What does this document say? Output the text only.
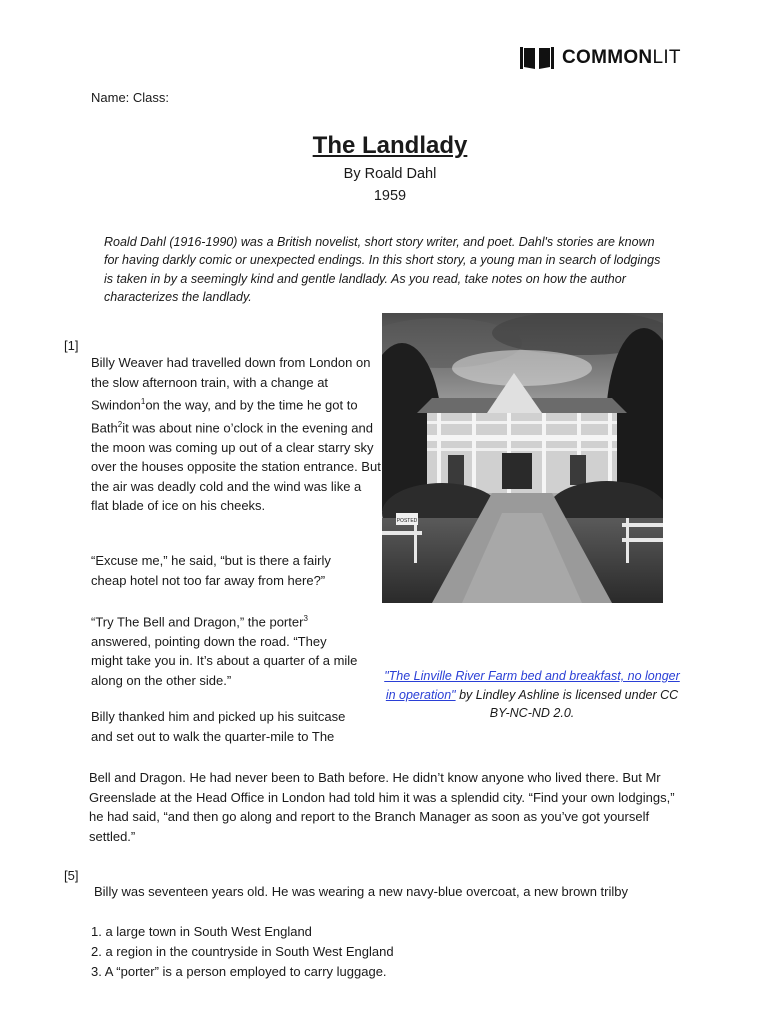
COMMONLIT
Name: Class:
The Landlady
By Roald Dahl
1959
Roald Dahl (1916-1990) was a British novelist, short story writer, and poet. Dahl's stories are known for having darkly comic or unexpected endings. In this short story, a young man in search of lodgings is taken in by a seemingly kind and gentle landlady. As you read, take notes on how the author characterizes the landlady.
[1]

Billy Weaver had travelled down from London on the slow afternoon train, with a change at Swindon$^1$on the way, and by the time he got to Bath$^2$it was about nine o’clock in the evening and the moon was coming up out of a clear starry sky over the houses opposite the station entrance. But the air was deadly cold and the wind was like a flat blade of ice on his cheeks.

“Excuse me,” he said, “but is there a fairly cheap hotel not too far away from here?”
“Try The Bell and Dragon,” the porter$^3$ answered, pointing down the road. “They might take you in. It’s about a quarter of a mile along on the other side.”
Billy thanked him and picked up his suitcase and set out to walk the quarter-mile to The
POSTED
"The Linville River Farm bed and breakfast, no longer in operation" by Lindley Ashline is licensed under CC BY-NC-ND 2.0.
Bell and Dragon. He had never been to Bath before. He didn’t know anyone who lived there. But Mr Greenslade at the Head Office in London had told him it was a splendid city. “Find your own lodgings,” he had said, “and then go along and report to the Branch Manager as soon as you’ve got yourself settled.”
[5]
Billy was seventeen years old. He was wearing a new navy-blue overcoat, a new brown trilby
1. a large town in South West England
2. a region in the countryside in South West England
3. A “porter” is a person employed to carry luggage.
